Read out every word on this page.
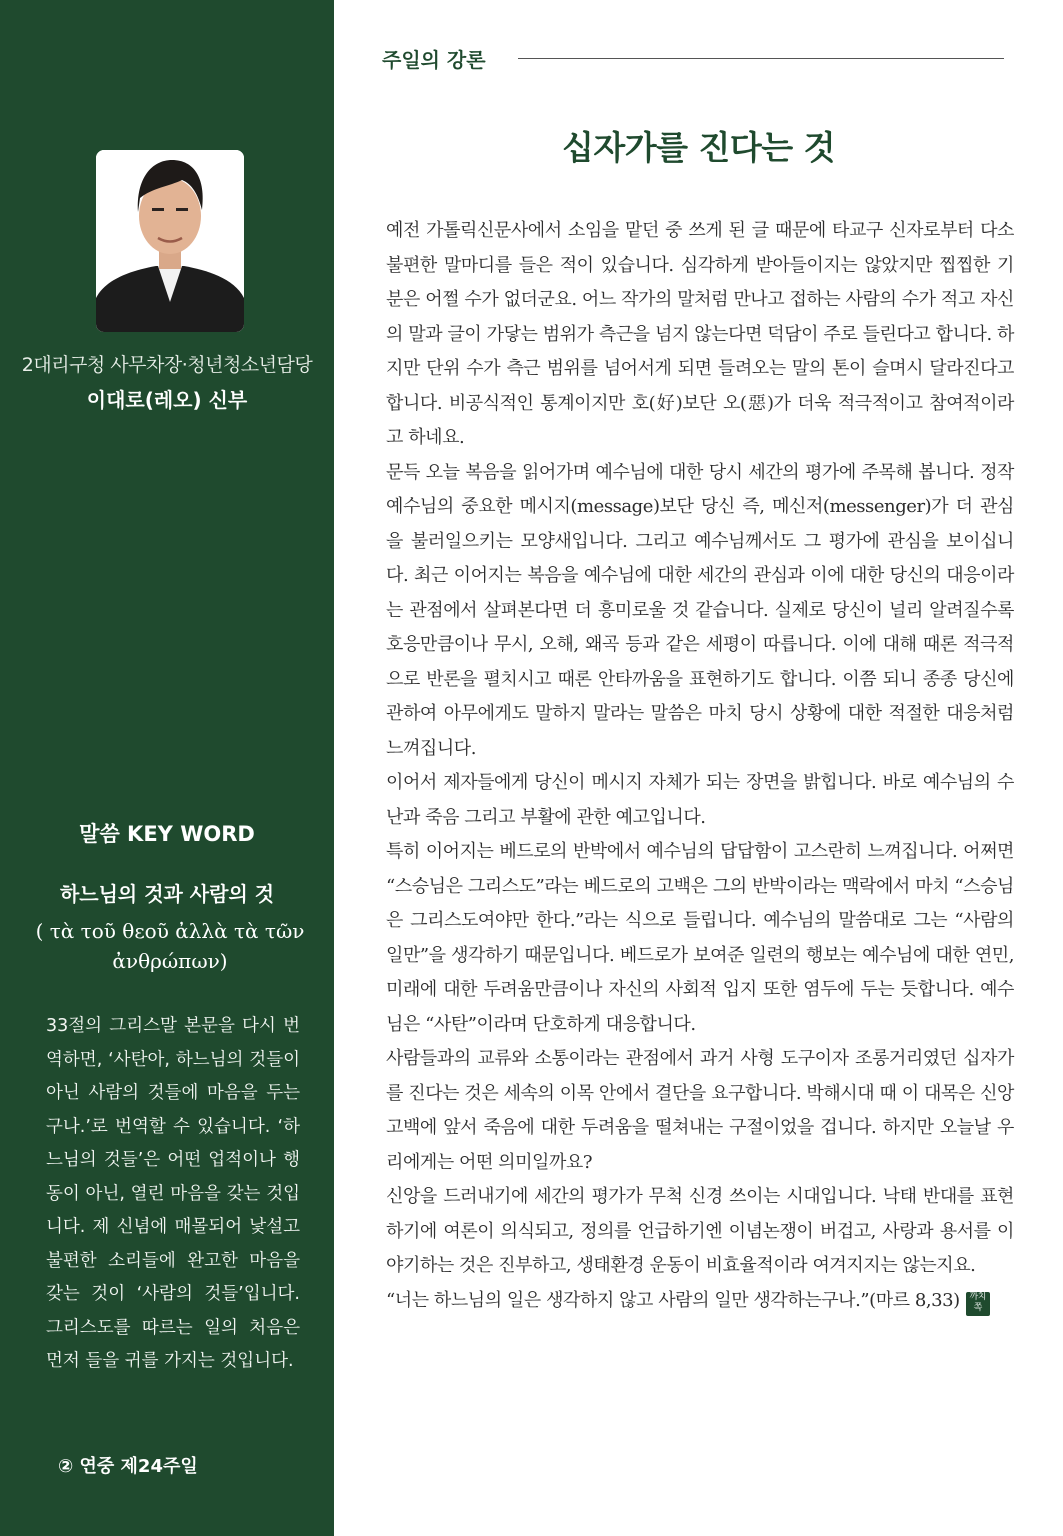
2대리구청 사무차장·청년청소년담당
이대로(레오) 신부
말씀 KEY WORD
하느님의 것과 사람의 것
( τὰ τοῦ θεοῦ ἀλλὰ τὰ τῶν ἀνθρώπων)

33절의 그리스말 본문을 다시 번역하면, ‘사탄아, 하느님의 것들이 아닌 사람의 것들에 마음을 두는구나.’로 번역할 수 있습니다. ‘하느님의 것들’은 어떤 업적이나 행동이 아닌, 열린 마음을 갖는 것입니다. 제 신념에 매몰되어 낯설고 불편한 소리들에 완고한 마음을 갖는 것이 ‘사람의 것들’입니다. 그리스도를 따르는 일의 처음은 먼저 들을 귀를 가지는 것입니다.

② 연중 제24주일
주일의 강론
십자가를 진다는 것

예전 가톨릭신문사에서 소임을 맡던 중 쓰게 된 글 때문에 타교구 신자로부터 다소 불편한 말마디를 들은 적이 있습니다. 심각하게 받아들이지는 않았지만 찝찝한 기분은 어쩔 수가 없더군요. 어느 작가의 말처럼 만나고 접하는 사람의 수가 적고 자신의 말과 글이 가닿는 범위가 측근을 넘지 않는다면 덕담이 주로 들린다고 합니다. 하지만 단위 수가 측근 범위를 넘어서게 되면 들려오는 말의 톤이 슬며시 달라진다고 합니다. 비공식적인 통계이지만 호(好)보단 오(惡)가 더욱 적극적이고 참여적이라고 하네요.

문득 오늘 복음을 읽어가며 예수님에 대한 당시 세간의 평가에 주목해 봅니다. 정작 예수님의 중요한 메시지(message)보단 당신 즉, 메신저(messenger)가 더 관심을 불러일으키는 모양새입니다. 그리고 예수님께서도 그 평가에 관심을 보이십니다. 최근 이어지는 복음을 예수님에 대한 세간의 관심과 이에 대한 당신의 대응이라는 관점에서 살펴본다면 더 흥미로울 것 같습니다. 실제로 당신이 널리 알려질수록 호응만큼이나 무시, 오해, 왜곡 등과 같은 세평이 따릅니다. 이에 대해 때론 적극적으로 반론을 펼치시고 때론 안타까움을 표현하기도 합니다. 이쯤 되니 종종 당신에 관하여 아무에게도 말하지 말라는 말씀은 마치 당시 상황에 대한 적절한 대응처럼 느껴집니다.

이어서 제자들에게 당신이 메시지 자체가 되는 장면을 밝힙니다. 바로 예수님의 수난과 죽음 그리고 부활에 관한 예고입니다.

특히 이어지는 베드로의 반박에서 예수님의 답답함이 고스란히 느껴집니다. 어쩌면 “스승님은 그리스도”라는 베드로의 고백은 그의 반박이라는 맥락에서 마치 “스승님은 그리스도여야만 한다.”라는 식으로 들립니다. 예수님의 말씀대로 그는 “사람의 일만”을 생각하기 때문입니다. 베드로가 보여준 일련의 행보는 예수님에 대한 연민, 미래에 대한 두려움만큼이나 자신의 사회적 입지 또한 염두에 두는 듯합니다. 예수님은 “사탄”이라며 단호하게 대응합니다.

사람들과의 교류와 소통이라는 관점에서 과거 사형 도구이자 조롱거리였던 십자가를 진다는 것은 세속의 이목 안에서 결단을 요구합니다. 박해시대 때 이 대목은 신앙고백에 앞서 죽음에 대한 두려움을 떨쳐내는 구절이었을 겁니다. 하지만 오늘날 우리에게는 어떤 의미일까요?

신앙을 드러내기에 세간의 평가가 무척 신경 쓰이는 시대입니다. 낙태 반대를 표현하기에 여론이 의식되고, 정의를 언급하기엔 이념논쟁이 버겁고, 사랑과 용서를 이야기하는 것은 진부하고, 생태환경 운동이 비효율적이라 여겨지지는 않는지요.

“너는 하느님의 일은 생각하지 않고 사람의 일만 생각하는구나.”(마르 8,33) 까치 쪽
